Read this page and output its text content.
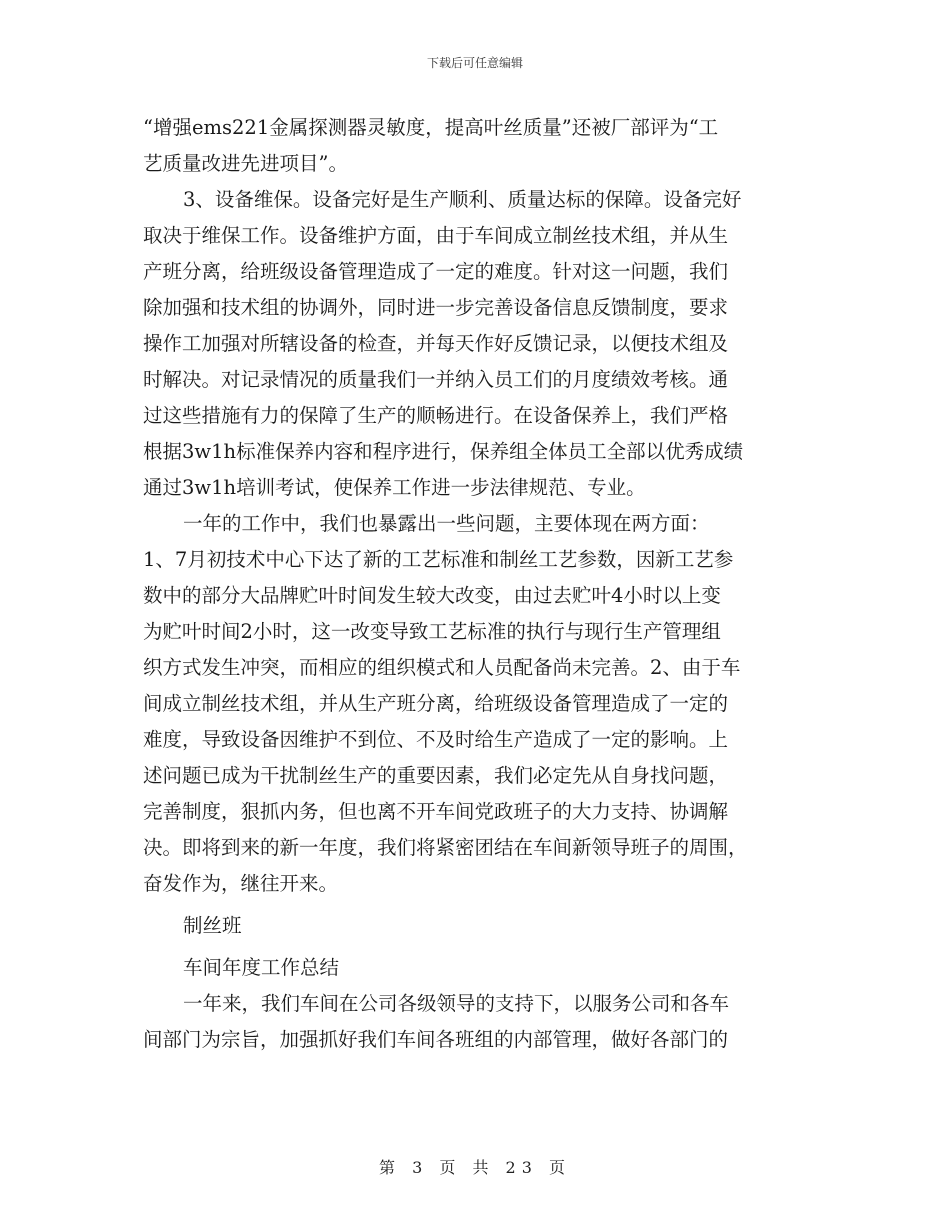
下载后可任意编辑
“增强ems221金属探测器灵敏度，提高叶丝质量”还被厂部评为“工
艺质量改进先进项目”。
3、设备维保。设备完好是生产顺利、质量达标的保障。设备完好
取决于维保工作。设备维护方面，由于车间成立制丝技术组，并从生
产班分离，给班级设备管理造成了一定的难度。针对这一问题，我们
除加强和技术组的协调外，同时进一步完善设备信息反馈制度，要求
操作工加强对所辖设备的检查，并每天作好反馈记录，以便技术组及
时解决。对记录情况的质量我们一并纳入员工们的月度绩效考核。通
过这些措施有力的保障了生产的顺畅进行。在设备保养上，我们严格
根据3w1h标准保养内容和程序进行，保养组全体员工全部以优秀成绩
通过3w1h培训考试，使保养工作进一步法律规范、专业。
一年的工作中，我们也暴露出一些问题，主要体现在两方面：
1、7月初技术中心下达了新的工艺标准和制丝工艺参数，因新工艺参
数中的部分大品牌贮叶时间发生较大改变，由过去贮叶4小时以上变
为贮叶时间2小时，这一改变导致工艺标准的执行与现行生产管理组
织方式发生冲突，而相应的组织模式和人员配备尚未完善。2、由于车
间成立制丝技术组，并从生产班分离，给班级设备管理造成了一定的
难度，导致设备因维护不到位、不及时给生产造成了一定的影响。上
述问题已成为干扰制丝生产的重要因素，我们必定先从自身找问题，
完善制度，狠抓内务，但也离不开车间党政班子的大力支持、协调解
决。即将到来的新一年度，我们将紧密团结在车间新领导班子的周围，
奋发作为，继往开来。
制丝班
车间年度工作总结
一年来，我们车间在公司各级领导的支持下，以服务公司和各车
间部门为宗旨，加强抓好我们车间各班组的内部管理，做好各部门的
第 3 页 共 23 页
